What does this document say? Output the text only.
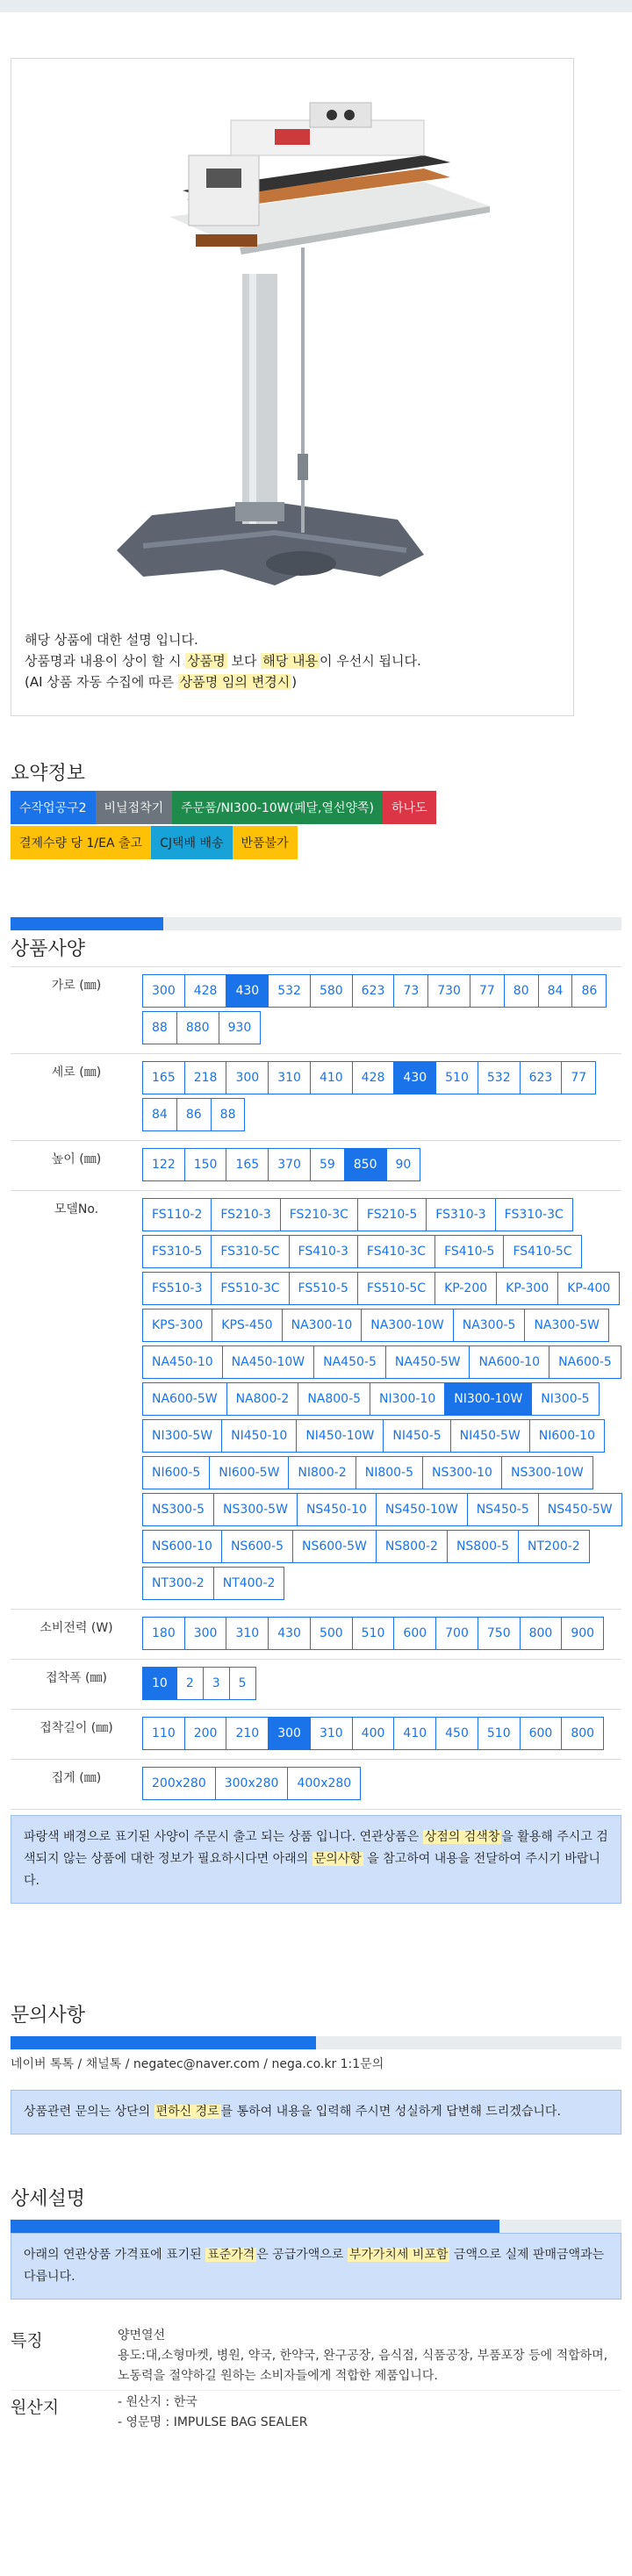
해당 상품에 대한 설명 입니다.
상품명과 내용이 상이 할 시 상품명 보다 해당 내용 이 우선시 됩니다.
(AI 상품 자동 수집에 따른 상품명 임의 변경시 )
요약정보
수작업공구2	비닐접착기	주문품/NI300-10W(페달,열선양쪽)	하나도
결제수량 당 1/EA 출고	CJ택배 배송	반품불가
상품사양
가로 (㎜)	300	428	430	532	580	623	73	730	77	80	84	86
88	880	930
세로 (㎜)	165	218	300	310	410	428	430	510	532	623	77
84	86	88
높이 (㎜)	122	150	165	370	59	850	90
모델No.	FS110-2	FS210-3	FS210-3C	FS210-5	FS310-3	FS310-3C
FS310-5	FS310-5C	FS410-3	FS410-3C	FS410-5	FS410-5C
FS510-3	FS510-3C	FS510-5	FS510-5C	KP-200	KP-300	KP-400
KPS-300	KPS-450	NA300-10	NA300-10W	NA300-5	NA300-5W
NA450-10	NA450-10W	NA450-5	NA450-5W	NA600-10	NA600-5
NA600-5W	NA800-2	NA800-5	NI300-10	NI300-10W	NI300-5
NI300-5W	NI450-10	NI450-10W	NI450-5	NI450-5W	NI600-10
NI600-5	NI600-5W	NI800-2	NI800-5	NS300-10	NS300-10W
NS300-5	NS300-5W	NS450-10	NS450-10W	NS450-5	NS450-5W
NS600-10	NS600-5	NS600-5W	NS800-2	NS800-5	NT200-2
NT300-2	NT400-2
소비전력 (W)	180	300	310	430	500	510	600	700	750	800	900
접착폭 (㎜)	10	2	3	5
접착길이 (㎜)	110	200	210	300	310	400	410	450	510	600	800
집게 (㎜)	200x280	300x280	400x280
파랑색 배경으로 표기된 사양이 주문시 출고 되는 상품 입니다. 연관상품은 상점의 검색창 을 활용해 주시고 검색되지 않는 상품에 대한 정보가 필요하시다면 아래의 문의사항 을 참고하여 내용을 전달하여 주시기 바랍니다.
문의사항
네이버 톡톡 / 채널톡 / negatec@naver.com / nega.co.kr 1:1문의
상품관련 문의는 상단의 편하신 경로 를 통하여 내용을 입력해 주시면 성실하게 답변해 드리겠습니다.
상세설명
아래의 연관상품 가격표에 표기된 표준가격 은 공급가액으로 부가가치세 비포함 금액으로 실제 판매금액과는 다릅니다.
특징	양면열선
용도:대,소형마켓, 병원, 약국, 한약국, 완구공장, 음식점, 식품공장, 부품포장 등에 적합하며, 노동력을 절약하길 원하는 소비자들에게 적합한 제품입니다.
원산지	- 원산지 : 한국
- 영문명 : IMPULSE BAG SEALER
